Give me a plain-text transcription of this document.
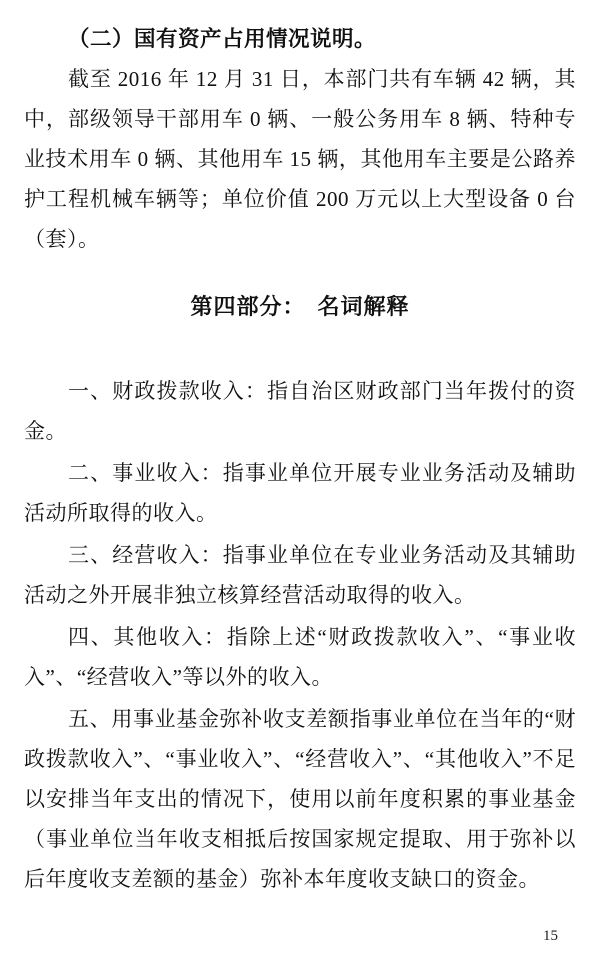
（二）国有资产占用情况说明。

截至 2016 年 12 月 31 日，本部门共有车辆 42 辆，其中，部级领导干部用车 0 辆、一般公务用车 8 辆、特种专业技术用车 0 辆、其他用车 15 辆，其他用车主要是公路养护工程机械车辆等；单位价值 200 万元以上大型设备 0 台（套）。

第四部分：　名词解释

一、财政拨款收入：指自治区财政部门当年拨付的资金。

二、事业收入：指事业单位开展专业业务活动及辅助活动所取得的收入。

三、经营收入：指事业单位在专业业务活动及其辅助活动之外开展非独立核算经营活动取得的收入。

四、其他收入：指除上述“财政拨款收入”、“事业收入”、“经营收入”等以外的收入。

五、用事业基金弥补收支差额指事业单位在当年的“财政拨款收入”、“事业收入”、“经营收入”、“其他收入”不足以安排当年支出的情况下，使用以前年度积累的事业基金（事业单位当年收支相抵后按国家规定提取、用于弥补以后年度收支差额的基金）弥补本年度收支缺口的资金。

15
